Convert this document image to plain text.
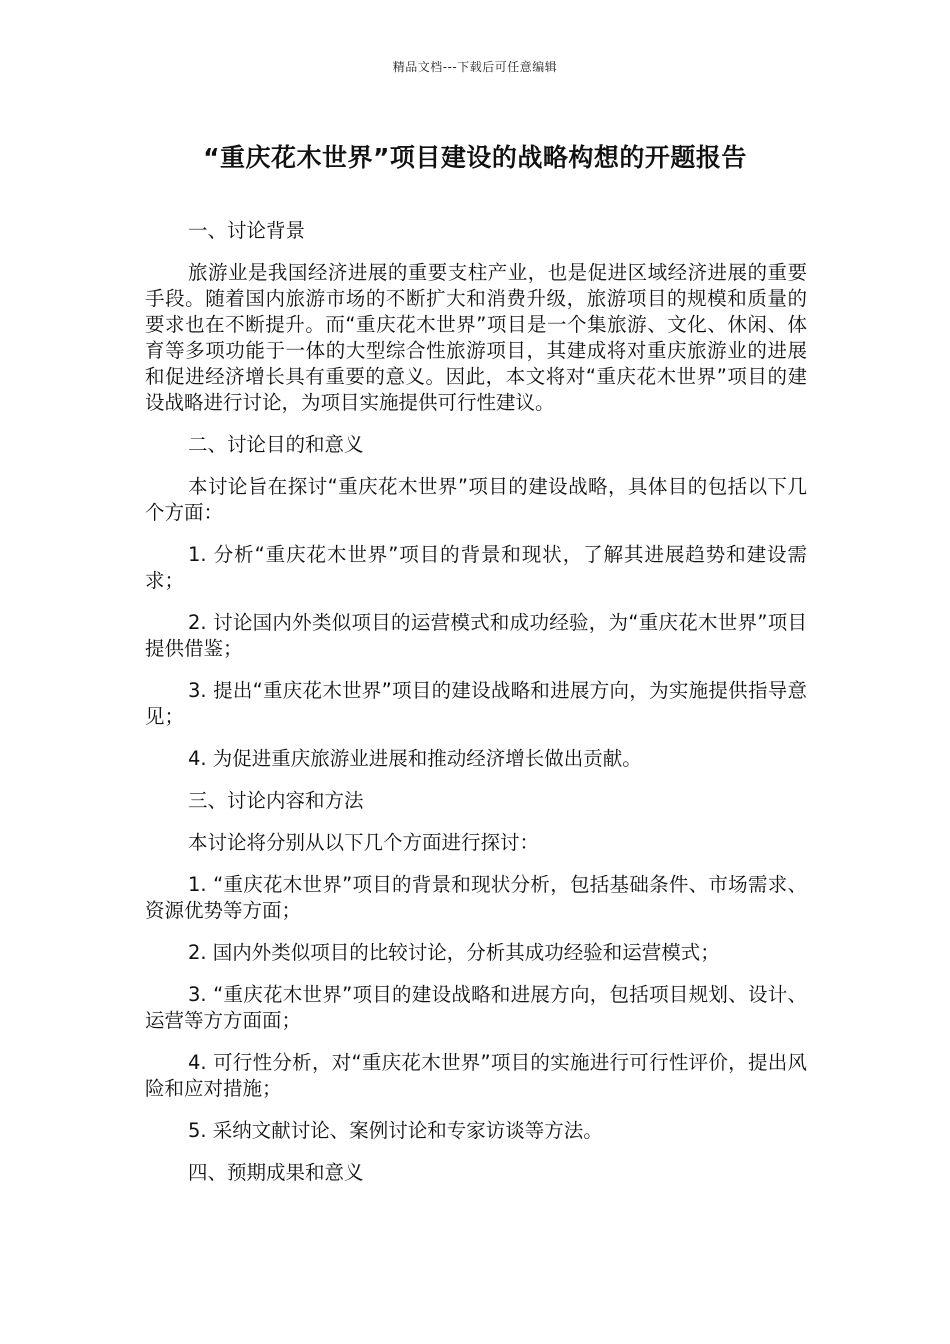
精品文档---下载后可任意编辑
“重庆花木世界”项目建设的战略构想的开题报告

一、讨论背景

旅游业是我国经济进展的重要支柱产业，也是促进区域经济进展的重要手段。随着国内旅游市场的不断扩大和消费升级，旅游项目的规模和质量的要求也在不断提升。而“重庆花木世界”项目是一个集旅游、文化、休闲、体育等多项功能于一体的大型综合性旅游项目，其建成将对重庆旅游业的进展和促进经济增长具有重要的意义。因此，本文将对“重庆花木世界”项目的建设战略进行讨论，为项目实施提供可行性建议。

二、讨论目的和意义

本讨论旨在探讨“重庆花木世界”项目的建设战略，具体目的包括以下几个方面：

1. 分析“重庆花木世界”项目的背景和现状，了解其进展趋势和建设需求；

2. 讨论国内外类似项目的运营模式和成功经验，为“重庆花木世界”项目提供借鉴；

3. 提出“重庆花木世界”项目的建设战略和进展方向，为实施提供指导意见；

4. 为促进重庆旅游业进展和推动经济增长做出贡献。

三、讨论内容和方法

本讨论将分别从以下几个方面进行探讨：

1. “重庆花木世界”项目的背景和现状分析，包括基础条件、市场需求、资源优势等方面；

2. 国内外类似项目的比较讨论，分析其成功经验和运营模式；

3. “重庆花木世界”项目的建设战略和进展方向，包括项目规划、设计、运营等方方面面；

4. 可行性分析，对“重庆花木世界”项目的实施进行可行性评价，提出风险和应对措施；

5. 采纳文献讨论、案例讨论和专家访谈等方法。

四、预期成果和意义
